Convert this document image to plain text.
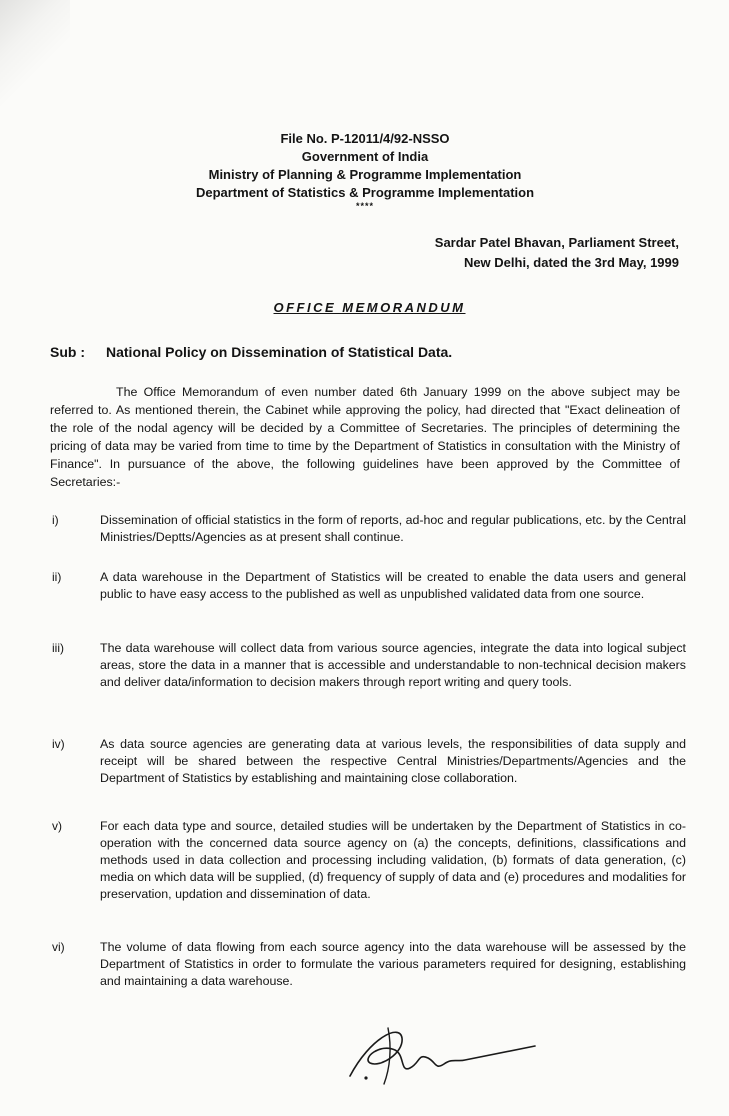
File No. P-12011/4/92-NSSO
Government of India
Ministry of Planning & Programme Implementation
Department of Statistics & Programme Implementation
****
Sardar Patel Bhavan, Parliament Street,
New Delhi, dated the 3rd May, 1999
OFFICE MEMORANDUM
Sub : National Policy on Dissemination of Statistical Data.
The Office Memorandum of even number dated 6th January 1999 on the above subject may be referred to. As mentioned therein, the Cabinet while approving the policy, had directed that "Exact delineation of the role of the nodal agency will be decided by a Committee of Secretaries. The principles of determining the pricing of data may be varied from time to time by the Department of Statistics in consultation with the Ministry of Finance". In pursuance of the above, the following guidelines have been approved by the Committee of Secretaries:-
i)	Dissemination of official statistics in the form of reports, ad-hoc and regular publications, etc. by the Central Ministries/Deptts/Agencies as at present shall continue.
ii)	A data warehouse in the Department of Statistics will be created to enable the data users and general public to have easy access to the published as well as unpublished validated data from one source.
iii)	The data warehouse will collect data from various source agencies, integrate the data into logical subject areas, store the data in a manner that is accessible and understandable to non-technical decision makers and deliver data/information to decision makers through report writing and query tools.
iv)	As data source agencies are generating data at various levels, the responsibilities of data supply and receipt will be shared between the respective Central Ministries/Departments/Agencies and the Department of Statistics by establishing and maintaining close collaboration.
v)	For each data type and source, detailed studies will be undertaken by the Department of Statistics in co-operation with the concerned data source agency on (a) the concepts, definitions, classifications and methods used in data collection and processing including validation, (b) formats of data generation, (c) media on which data will be supplied, (d) frequency of supply of data and (e) procedures and modalities for preservation, updation and dissemination of data.
vi)	The volume of data flowing from each source agency into the data warehouse will be assessed by the Department of Statistics in order to formulate the various parameters required for designing, establishing and maintaining a data warehouse.
